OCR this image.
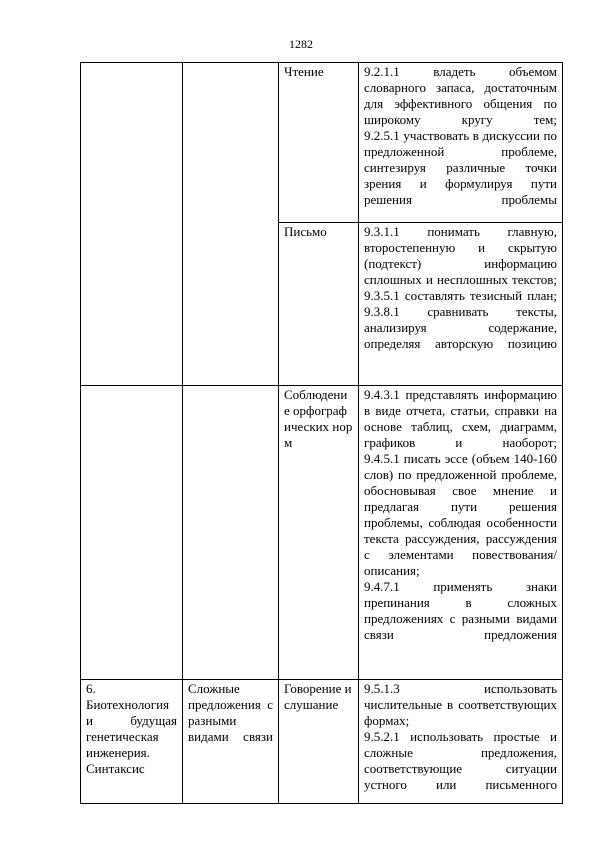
1282
		Чтение	9.2.1.1 владеть объемом словарного запаса, достаточным для эффективного общения по широкому кругу тем;
9.2.5.1 участвовать в дискуссии по предложенной проблеме, синтезируя различные точки зрения и формулируя пути решения проблемы

		Письмо	9.3.1.1 понимать главную, второстепенную и скрытую (подтекст) информацию сплошных и несплошных текстов;
9.3.5.1 составлять тезисный план;
9.3.8.1 сравнивать тексты, анализируя содержание, определяя авторскую позицию

		Соблюдение орфографических норм	9.4.3.1 представлять информацию в виде отчета, статьи, справки на основе таблиц, схем, диаграмм, графиков и наоборот;
9.4.5.1 писать эссе (объем 140-160 слов) по предложенной проблеме, обосновывая свое мнение и предлагая пути решения проблемы, соблюдая особенности текста рассуждения, рассуждения с элементами повествования/ описания;
9.4.7.1 применять знаки препинания в сложных предложениях с разными видами связи предложения

6. Биотехнология и будущая генетическая инженерия. Синтаксис	Сложные предложения с разными видами связи	Говорение и слушание	9.5.1.3 использовать числительные в соответствующих формах;
9.5.2.1 использовать простые и сложные предложения, соответствующие ситуации устного или письменного
